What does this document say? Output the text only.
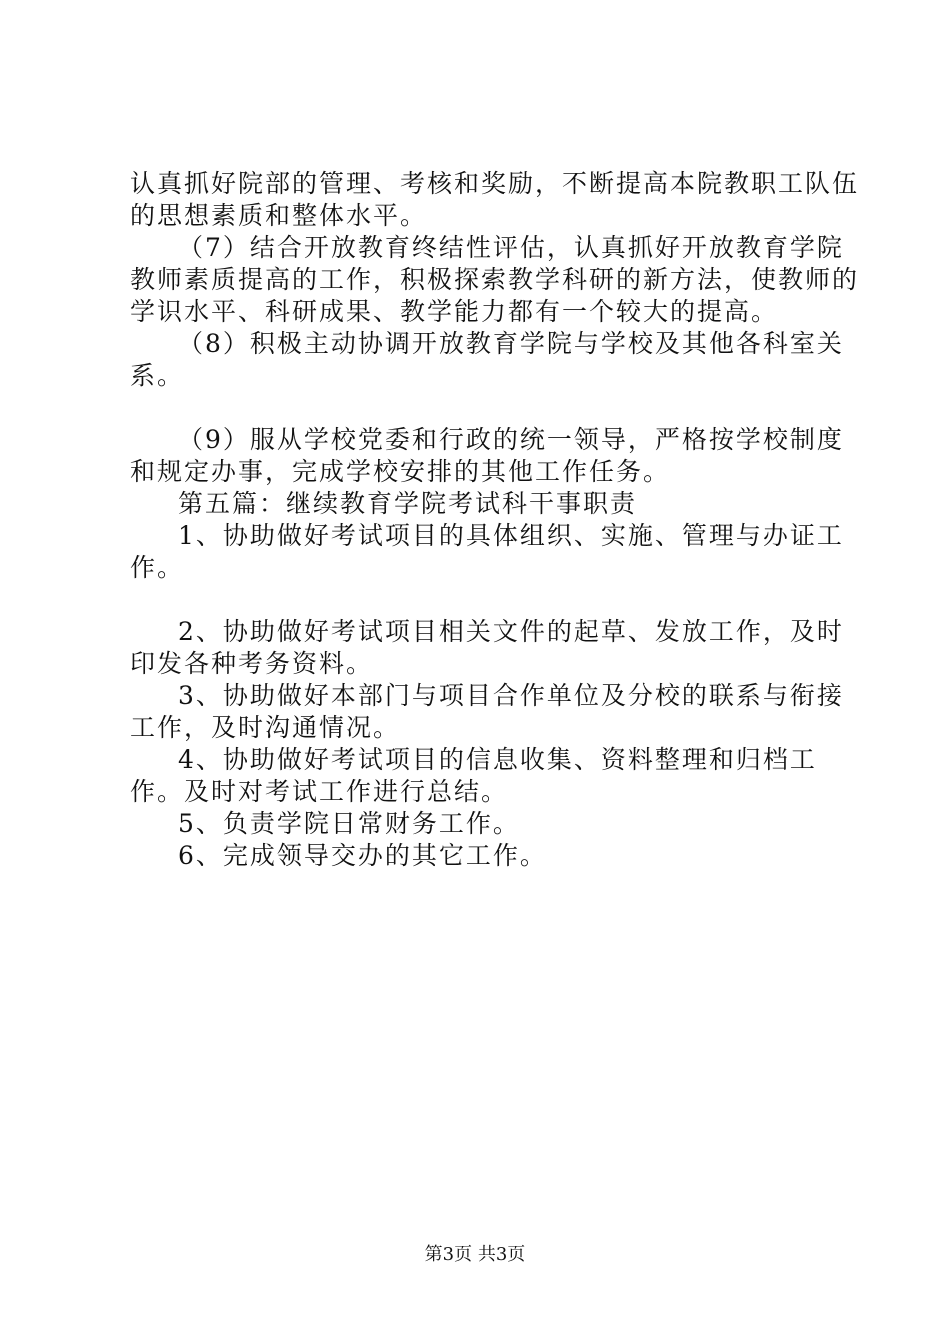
认真抓好院部的管理、考核和奖励，不断提高本院教职工队伍的思想素质和整体水平。

（7）结合开放教育终结性评估，认真抓好开放教育学院教师素质提高的工作，积极探索教学科研的新方法，使教师的学识水平、科研成果、教学能力都有一个较大的提高。

（8）积极主动协调开放教育学院与学校及其他各科室关系。

（9）服从学校党委和行政的统一领导，严格按学校制度和规定办事，完成学校安排的其他工作任务。

第五篇：继续教育学院考试科干事职责

1、协助做好考试项目的具体组织、实施、管理与办证工作。

2、协助做好考试项目相关文件的起草、发放工作，及时印发各种考务资料。

3、协助做好本部门与项目合作单位及分校的联系与衔接工作，及时沟通情况。

4、协助做好考试项目的信息收集、资料整理和归档工作。及时对考试工作进行总结。

5、负责学院日常财务工作。

6、完成领导交办的其它工作。

第3页 共3页
